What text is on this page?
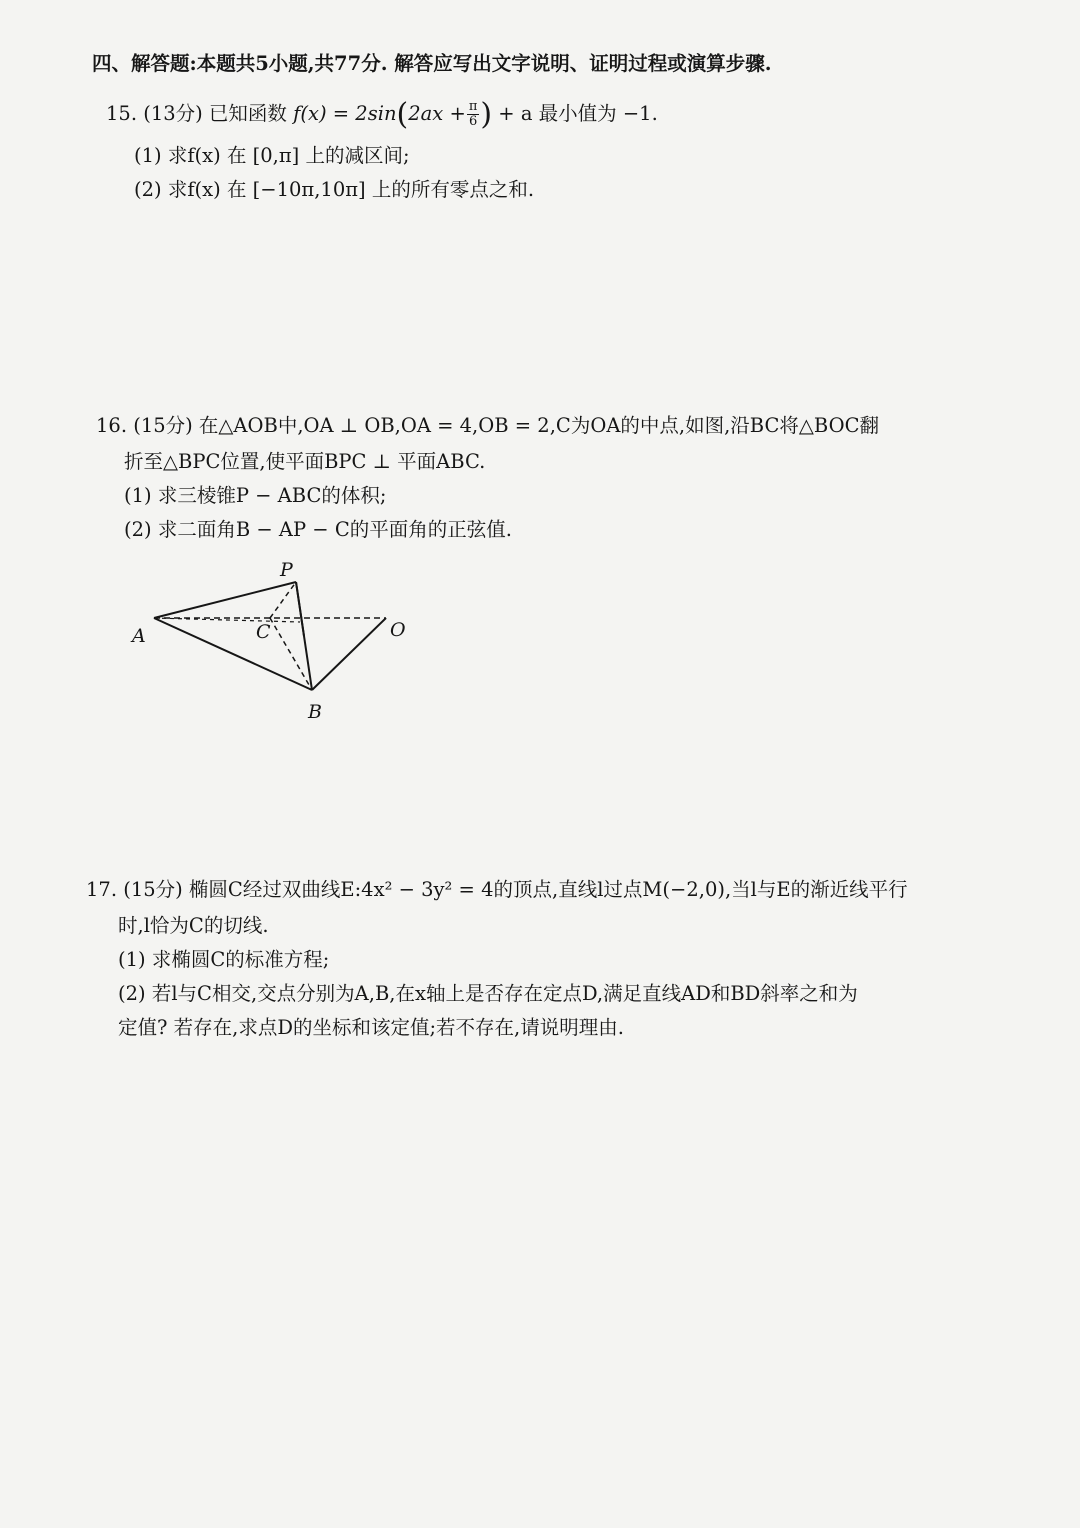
四、解答题:本题共5小题,共77分. 解答应写出文字说明、证明过程或演算步骤.
15. (13分) 已知函数 $f(x) = 2\sin(2ax + \frac{\pi}{6}$ ) + a 最小值为 −1.
(1) 求f(x) 在 [0,π] 上的减区间;
(2) 求f(x) 在 [−10π,10π] 上的所有零点之和.
16. (15分) 在△AOB中,OA ⊥ OB,OA = 4,OB = 2,C为OA的中点,如图,沿BC将△BOC翻
折至△BPC位置,使平面BPC ⊥ 平面ABC.
(1) 求三棱锥P − ABC的体积;
(2) 求二面角B − AP − C的平面角的正弦值.
P
A	C	O
B
17. (15分) 椭圆C经过双曲线E:4x² − 3y² = 4的顶点,直线l过点M(−2,0),当l与E的渐近线平行
时,l恰为C的切线.
(1) 求椭圆C的标准方程;
(2) 若l与C相交,交点分别为A,B,在x轴上是否存在定点D,满足直线AD和BD斜率之和为
定值? 若存在,求点D的坐标和该定值;若不存在,请说明理由.
